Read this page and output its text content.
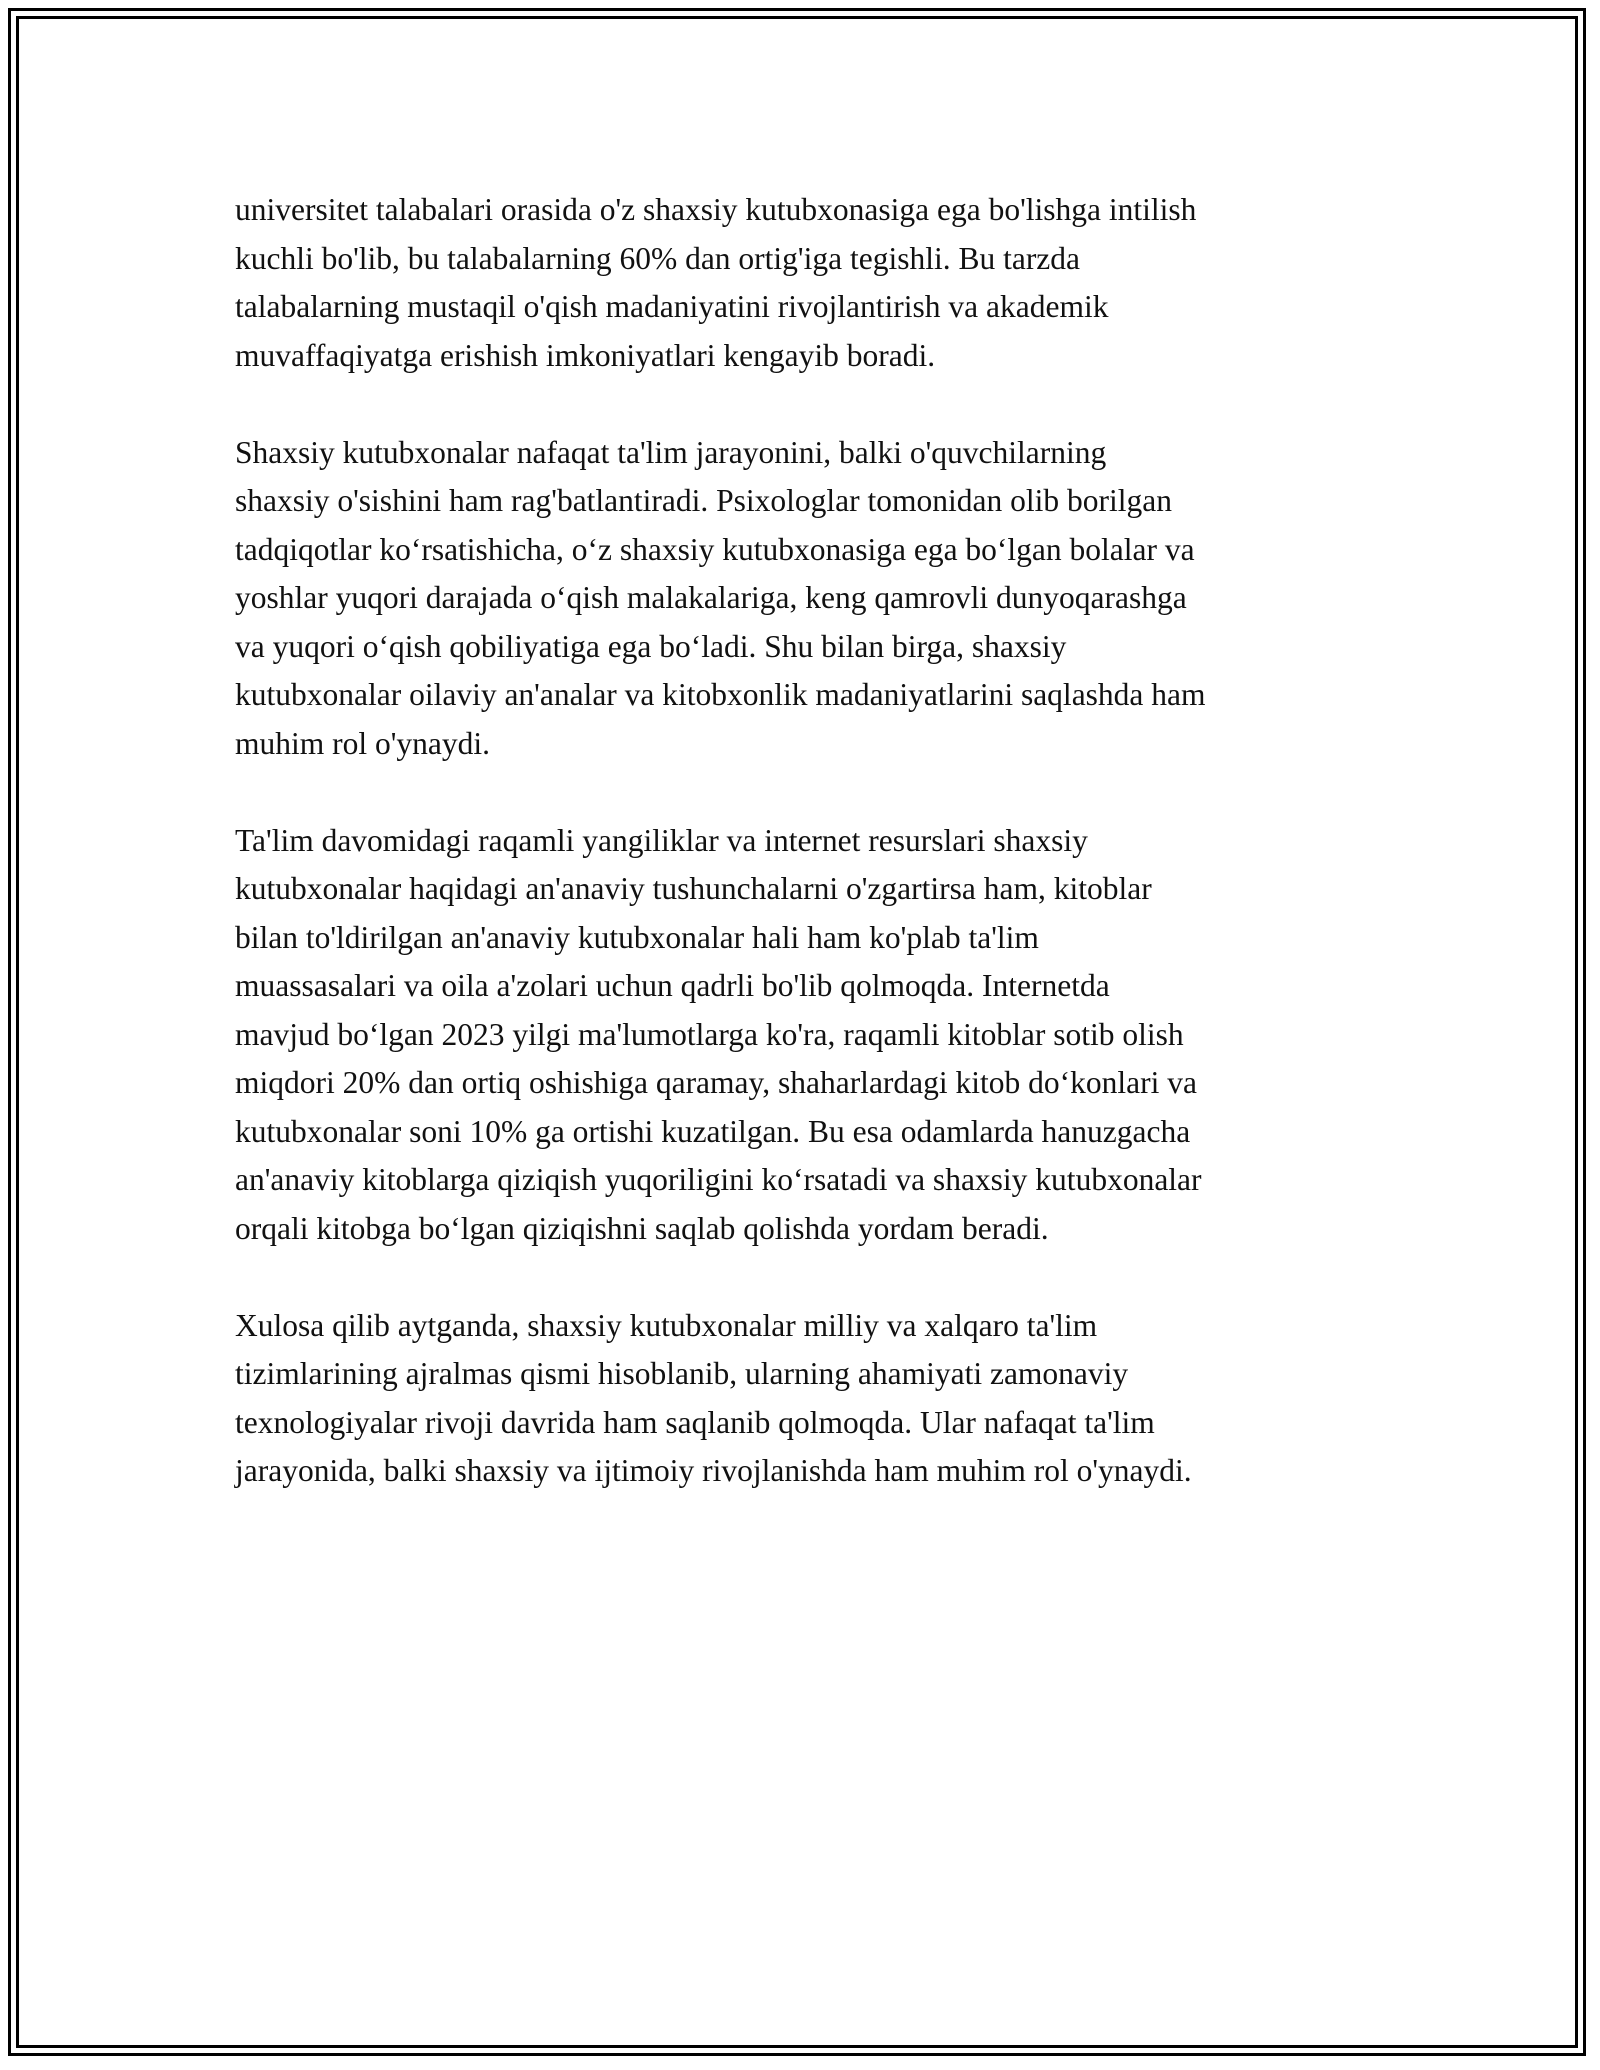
universitet talabalari orasida o'z shaxsiy kutubxonasiga ega bo'lishga intilish
kuchli bo'lib, bu talabalarning 60% dan ortig'iga tegishli. Bu tarzda
talabalarning mustaqil o'qish madaniyatini rivojlantirish va akademik
muvaffaqiyatga erishish imkoniyatlari kengayib boradi.

Shaxsiy kutubxonalar nafaqat ta'lim jarayonini, balki o'quvchilarning
shaxsiy o'sishini ham rag'batlantiradi. Psixologlar tomonidan olib borilgan
tadqiqotlar koʻrsatishicha, oʻz shaxsiy kutubxonasiga ega boʻlgan bolalar va
yoshlar yuqori darajada oʻqish malakalariga, keng qamrovli dunyoqarashga
va yuqori oʻqish qobiliyatiga ega boʻladi. Shu bilan birga, shaxsiy
kutubxonalar oilaviy an'analar va kitobxonlik madaniyatlarini saqlashda ham
muhim rol o'ynaydi.

Ta'lim davomidagi raqamli yangiliklar va internet resurslari shaxsiy
kutubxonalar haqidagi an'anaviy tushunchalarni o'zgartirsa ham, kitoblar
bilan to'ldirilgan an'anaviy kutubxonalar hali ham ko'plab ta'lim
muassasalari va oila a'zolari uchun qadrli bo'lib qolmoqda. Internetda
mavjud boʻlgan 2023 yilgi ma'lumotlarga ko'ra, raqamli kitoblar sotib olish
miqdori 20% dan ortiq oshishiga qaramay, shaharlardagi kitob doʻkonlari va
kutubxonalar soni 10% ga ortishi kuzatilgan. Bu esa odamlarda hanuzgacha
an'anaviy kitoblarga qiziqish yuqoriligini koʻrsatadi va shaxsiy kutubxonalar
orqali kitobga boʻlgan qiziqishni saqlab qolishda yordam beradi.

Xulosa qilib aytganda, shaxsiy kutubxonalar milliy va xalqaro ta'lim
tizimlarining ajralmas qismi hisoblanib, ularning ahamiyati zamonaviy
texnologiyalar rivoji davrida ham saqlanib qolmoqda. Ular nafaqat ta'lim
jarayonida, balki shaxsiy va ijtimoiy rivojlanishda ham muhim rol o'ynaydi.
